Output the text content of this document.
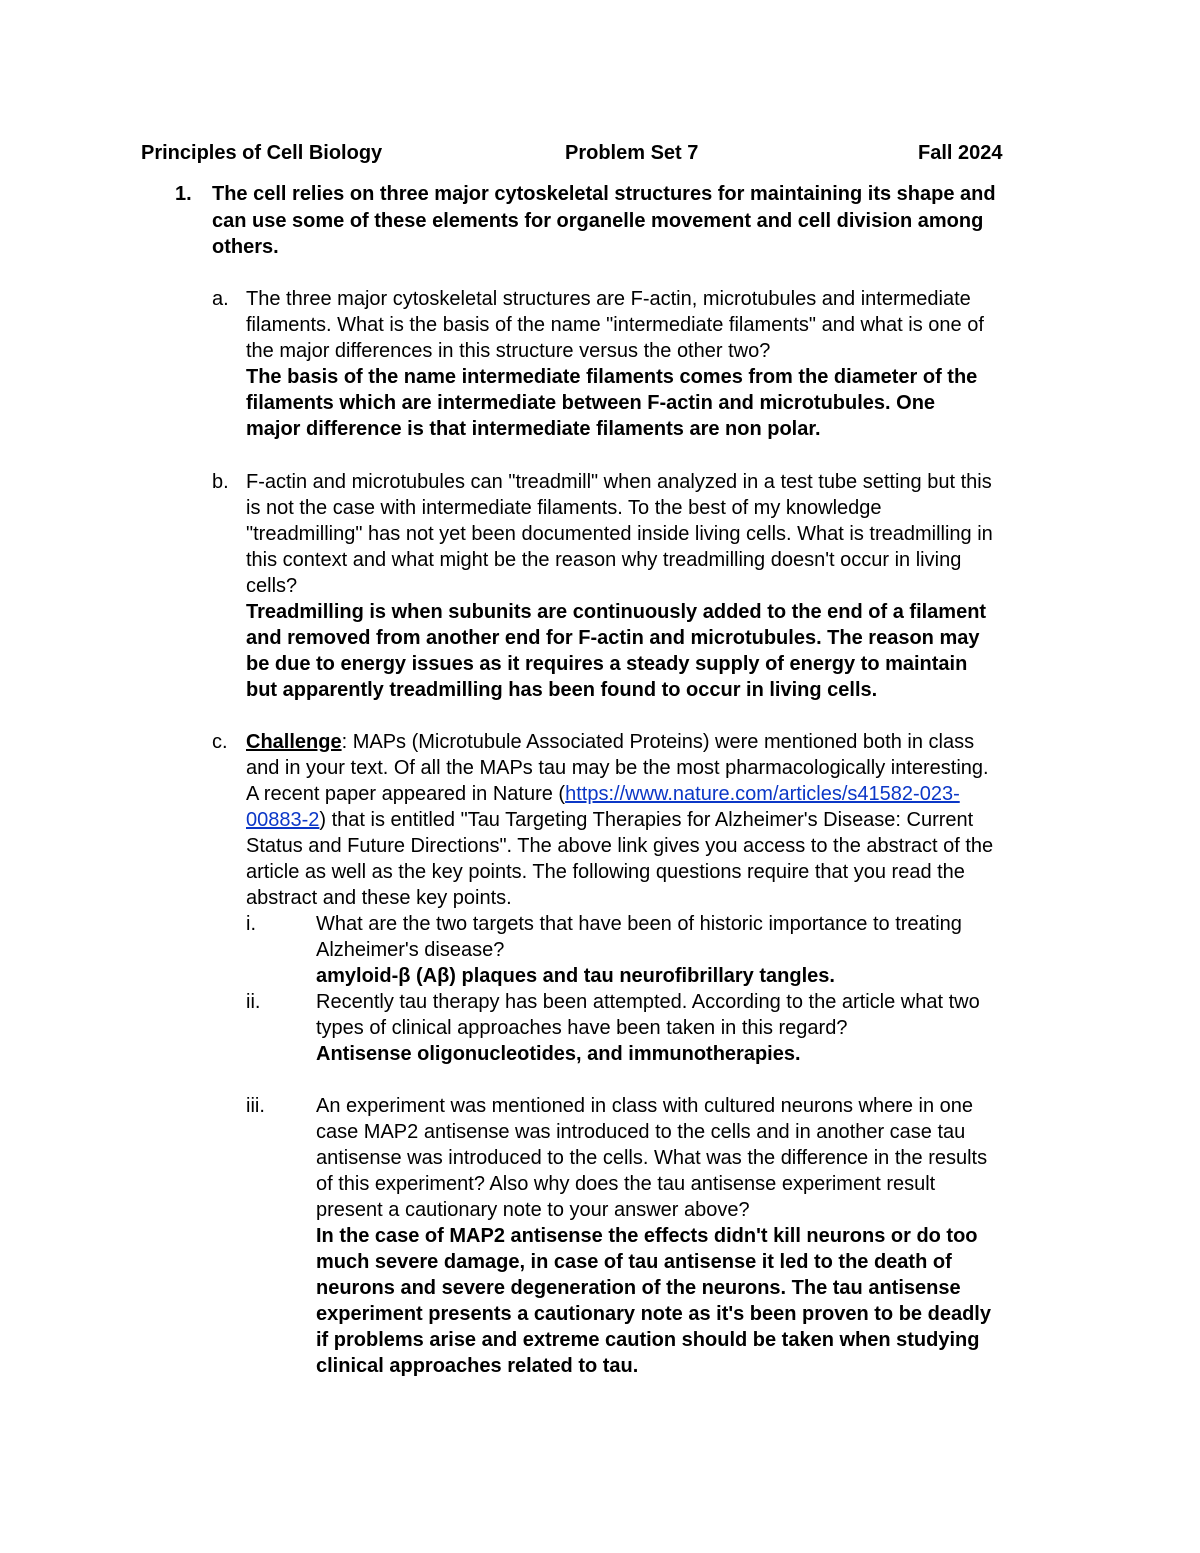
Principles of Cell Biology	Problem Set 7	Fall 2024
1. The cell relies on three major cytoskeletal structures for maintaining its shape and
can use some of these elements for organelle movement and cell division among
others.
a. The three major cytoskeletal structures are F-actin, microtubules and intermediate
filaments. What is the basis of the name "intermediate filaments" and what is one of
the major differences in this structure versus the other two?
The basis of the name intermediate filaments comes from the diameter of the
filaments which are intermediate between F-actin and microtubules. One
major difference is that intermediate filaments are non polar.
b. F-actin and microtubules can "treadmill" when analyzed in a test tube setting but this
is not the case with intermediate filaments. To the best of my knowledge
"treadmilling" has not yet been documented inside living cells. What is treadmilling in
this context and what might be the reason why treadmilling doesn't occur in living
cells?
Treadmilling is when subunits are continuously added to the end of a filament
and removed from another end for F-actin and microtubules. The reason may
be due to energy issues as it requires a steady supply of energy to maintain
but apparently treadmilling has been found to occur in living cells.
c. Challenge: MAPs (Microtubule Associated Proteins) were mentioned both in class
and in your text. Of all the MAPs tau may be the most pharmacologically interesting.
A recent paper appeared in Nature (https://www.nature.com/articles/s41582-023-
00883-2) that is entitled "Tau Targeting Therapies for Alzheimer's Disease: Current
Status and Future Directions". The above link gives you access to the abstract of the
article as well as the key points. The following questions require that you read the
abstract and these key points.
i.	What are the two targets that have been of historic importance to treating
Alzheimer's disease?
amyloid-β (Aβ) plaques and tau neurofibrillary tangles.
ii.	Recently tau therapy has been attempted. According to the article what two
types of clinical approaches have been taken in this regard?
Antisense oligonucleotides, and immunotherapies.
iii.	An experiment was mentioned in class with cultured neurons where in one
case MAP2 antisense was introduced to the cells and in another case tau
antisense was introduced to the cells. What was the difference in the results
of this experiment? Also why does the tau antisense experiment result
present a cautionary note to your answer above?
In the case of MAP2 antisense the effects didn't kill neurons or do too
much severe damage, in case of tau antisense it led to the death of
neurons and severe degeneration of the neurons. The tau antisense
experiment presents a cautionary note as it's been proven to be deadly
if problems arise and extreme caution should be taken when studying
clinical approaches related to tau.
